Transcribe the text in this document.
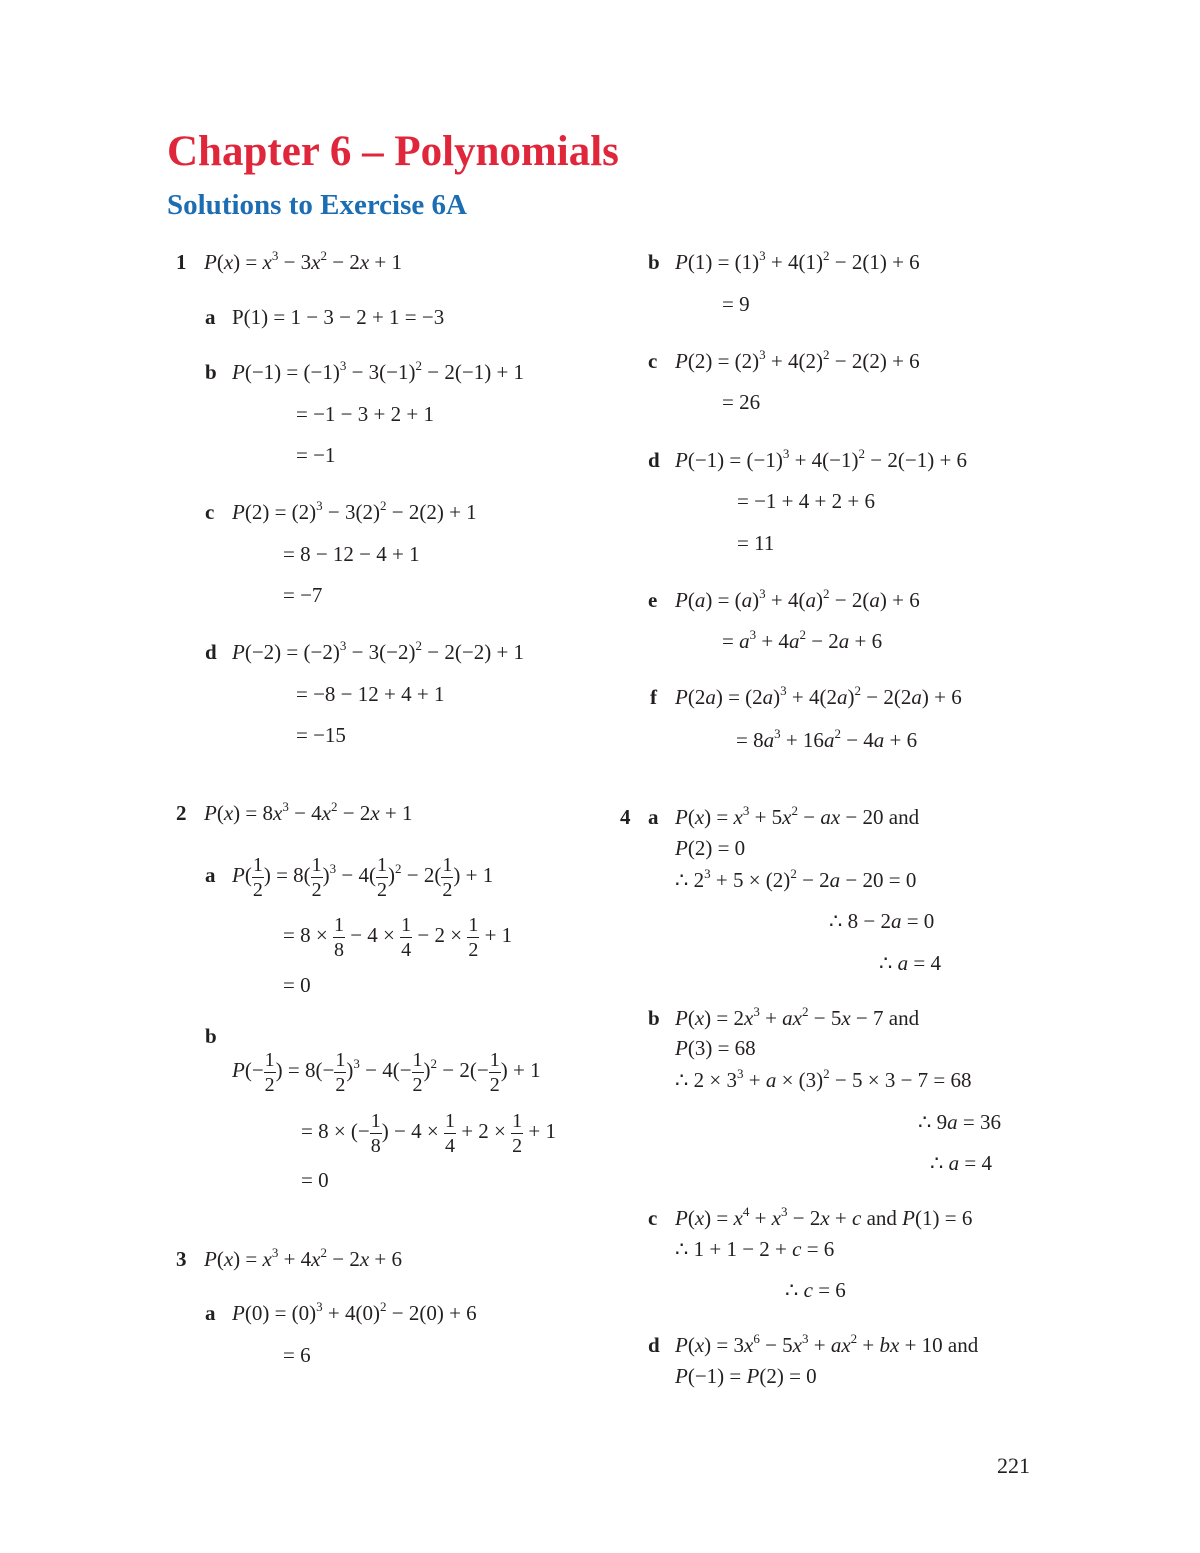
Chapter 6 – Polynomials
Solutions to Exercise 6A
1 $P(x) = x^3 - 3x^2 - 2x + 1$
a P(1) = 1 − 3 − 2 + 1 = −3
b $P(-1) = (-1)^3 - 3(-1)^2 - 2(-1) + 1$
= −1 − 3 + 2 + 1
= −1
c $P(2) = (2)^3 - 3(2)^2 - 2(2) + 1$
= 8 − 12 − 4 + 1
= −7
d $P(-2) = (-2)^3 - 3(-2)^2 - 2(-2) + 1$
= −8 − 12 + 4 + 1
= −15
2 $P(x) = 8x^3 - 4x^2 - 2x + 1$
a $P( \frac{1}{2}$ ) = $8( \frac{1}{2} )^3 - 4( \frac{1}{2} )^2 - 2( \frac{1}{2}$ ) + 1
= $8 \times \frac{1}{8} - 4 \times \frac{1}{4} - 2 \times \frac{1}{2} + 1$
= 0
b
$P(- \frac{1}{2}$ ) = $8(- \frac{1}{2} )^3 - 4(- \frac{1}{2} )^2 - 2(- \frac{1}{2}$ ) + 1
= 8 × (− $\frac{1}{8}$ ) − $4 \times \frac{1}{4} + 2 \times \frac{1}{2} + 1$
= 0
3 $P(x) = x^3 + 4x^2 - 2x + 6$
a $P(0) = (0)^3 + 4(0)^2 - 2(0) + 6$
= 6
b $P(1) = (1)^3 + 4(1)^2 - 2(1) + 6$
= 9
c $P(2) = (2)^3 + 4(2)^2 - 2(2) + 6$
= 26
d $P(-1) = (-1)^3 + 4(-1)^2 - 2(-1) + 6$
= −1 + 4 + 2 + 6
= 11
e $P(a) = (a)^3 + 4(a)^2 - 2(a) + 6$
= $a^3 + 4a^2 - 2a + 6$
f $P(2a) = (2a)^3 + 4(2a)^2 - 2(2a) + 6$
= $8a^3 + 16a^2 - 4a + 6$
4 a $P(x) = x^3 + 5x^2$ − ax − 20 and
P(2) = 0
∴ $2^3 + 5 \times (2)^2 - 2a - 20 = 0$
∴ 8 − 2a = 0
∴ a = 4
b $P(x) = 2x^3 + ax^2 - 5x - 7$ and
P(3) = 68
∴ $2 \times 3^3 + a \times (3)^2 - 5 \times 3 - 7 = 68$
∴ 9a = 36
∴ a = 4
c $P(x) = x^4 + x^3 - 2x + c$ and P(1) = 6
∴ 1 + 1 − 2 + c = 6
∴ c = 6
d $P(x) = 3x^6 - 5x^3 + ax^2$ + bx + 10 and
P(−1) = P(2) = 0
221
